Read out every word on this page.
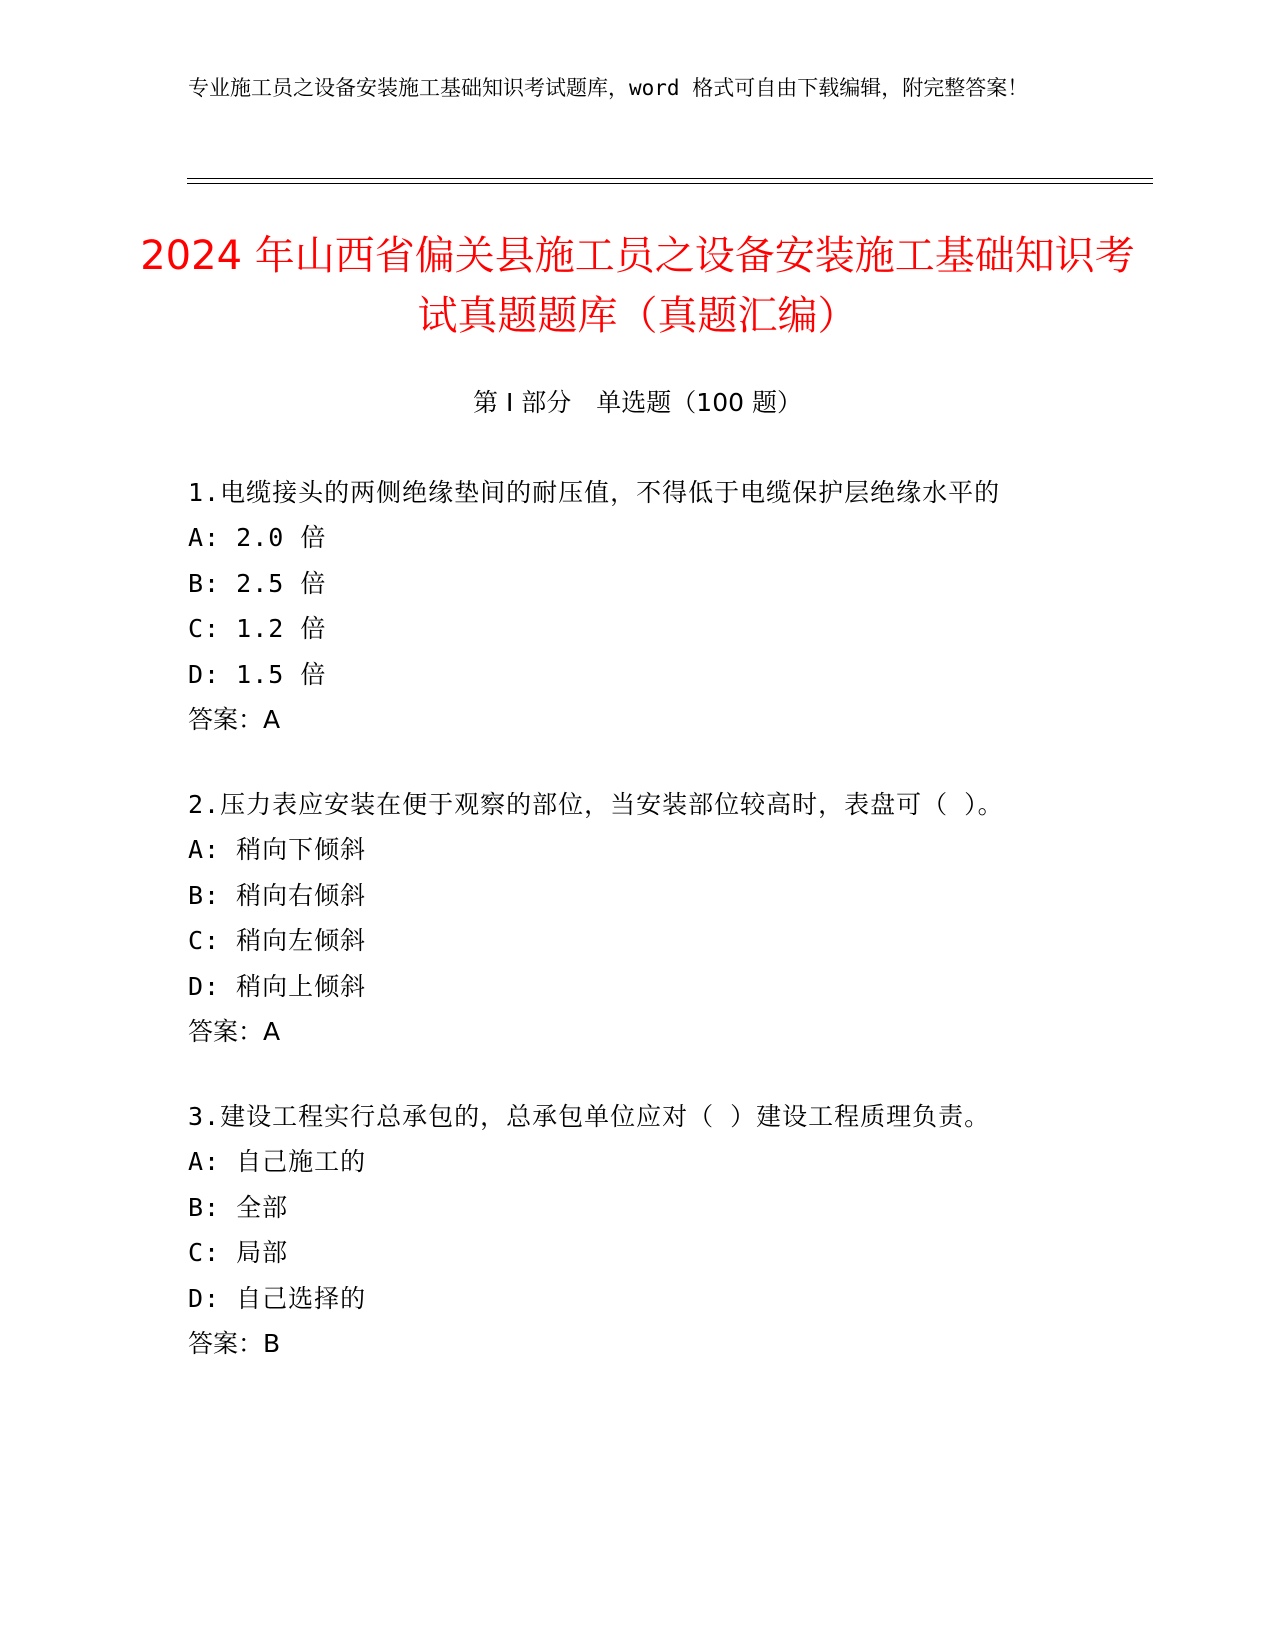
专业施工员之设备安装施工基础知识考试题库，word 格式可自由下载编辑，附完整答案！
2024 年山西省偏关县施工员之设备安装施工基础知识考试真题题库（真题汇编）
第 I 部分　单选题（100 题）
1.电缆接头的两侧绝缘垫间的耐压值，不得低于电缆保护层绝缘水平的
A: 2.0 倍
B: 2.5 倍
C: 1.2 倍
D: 1.5 倍
答案：A
2.压力表应安装在便于观察的部位，当安装部位较高时，表盘可（ ）。
A: 稍向下倾斜
B: 稍向右倾斜
C: 稍向左倾斜
D: 稍向上倾斜
答案：A
3.建设工程实行总承包的，总承包单位应对（ ）建设工程质理负责。
A: 自己施工的
B: 全部
C: 局部
D: 自己选择的
答案：B
